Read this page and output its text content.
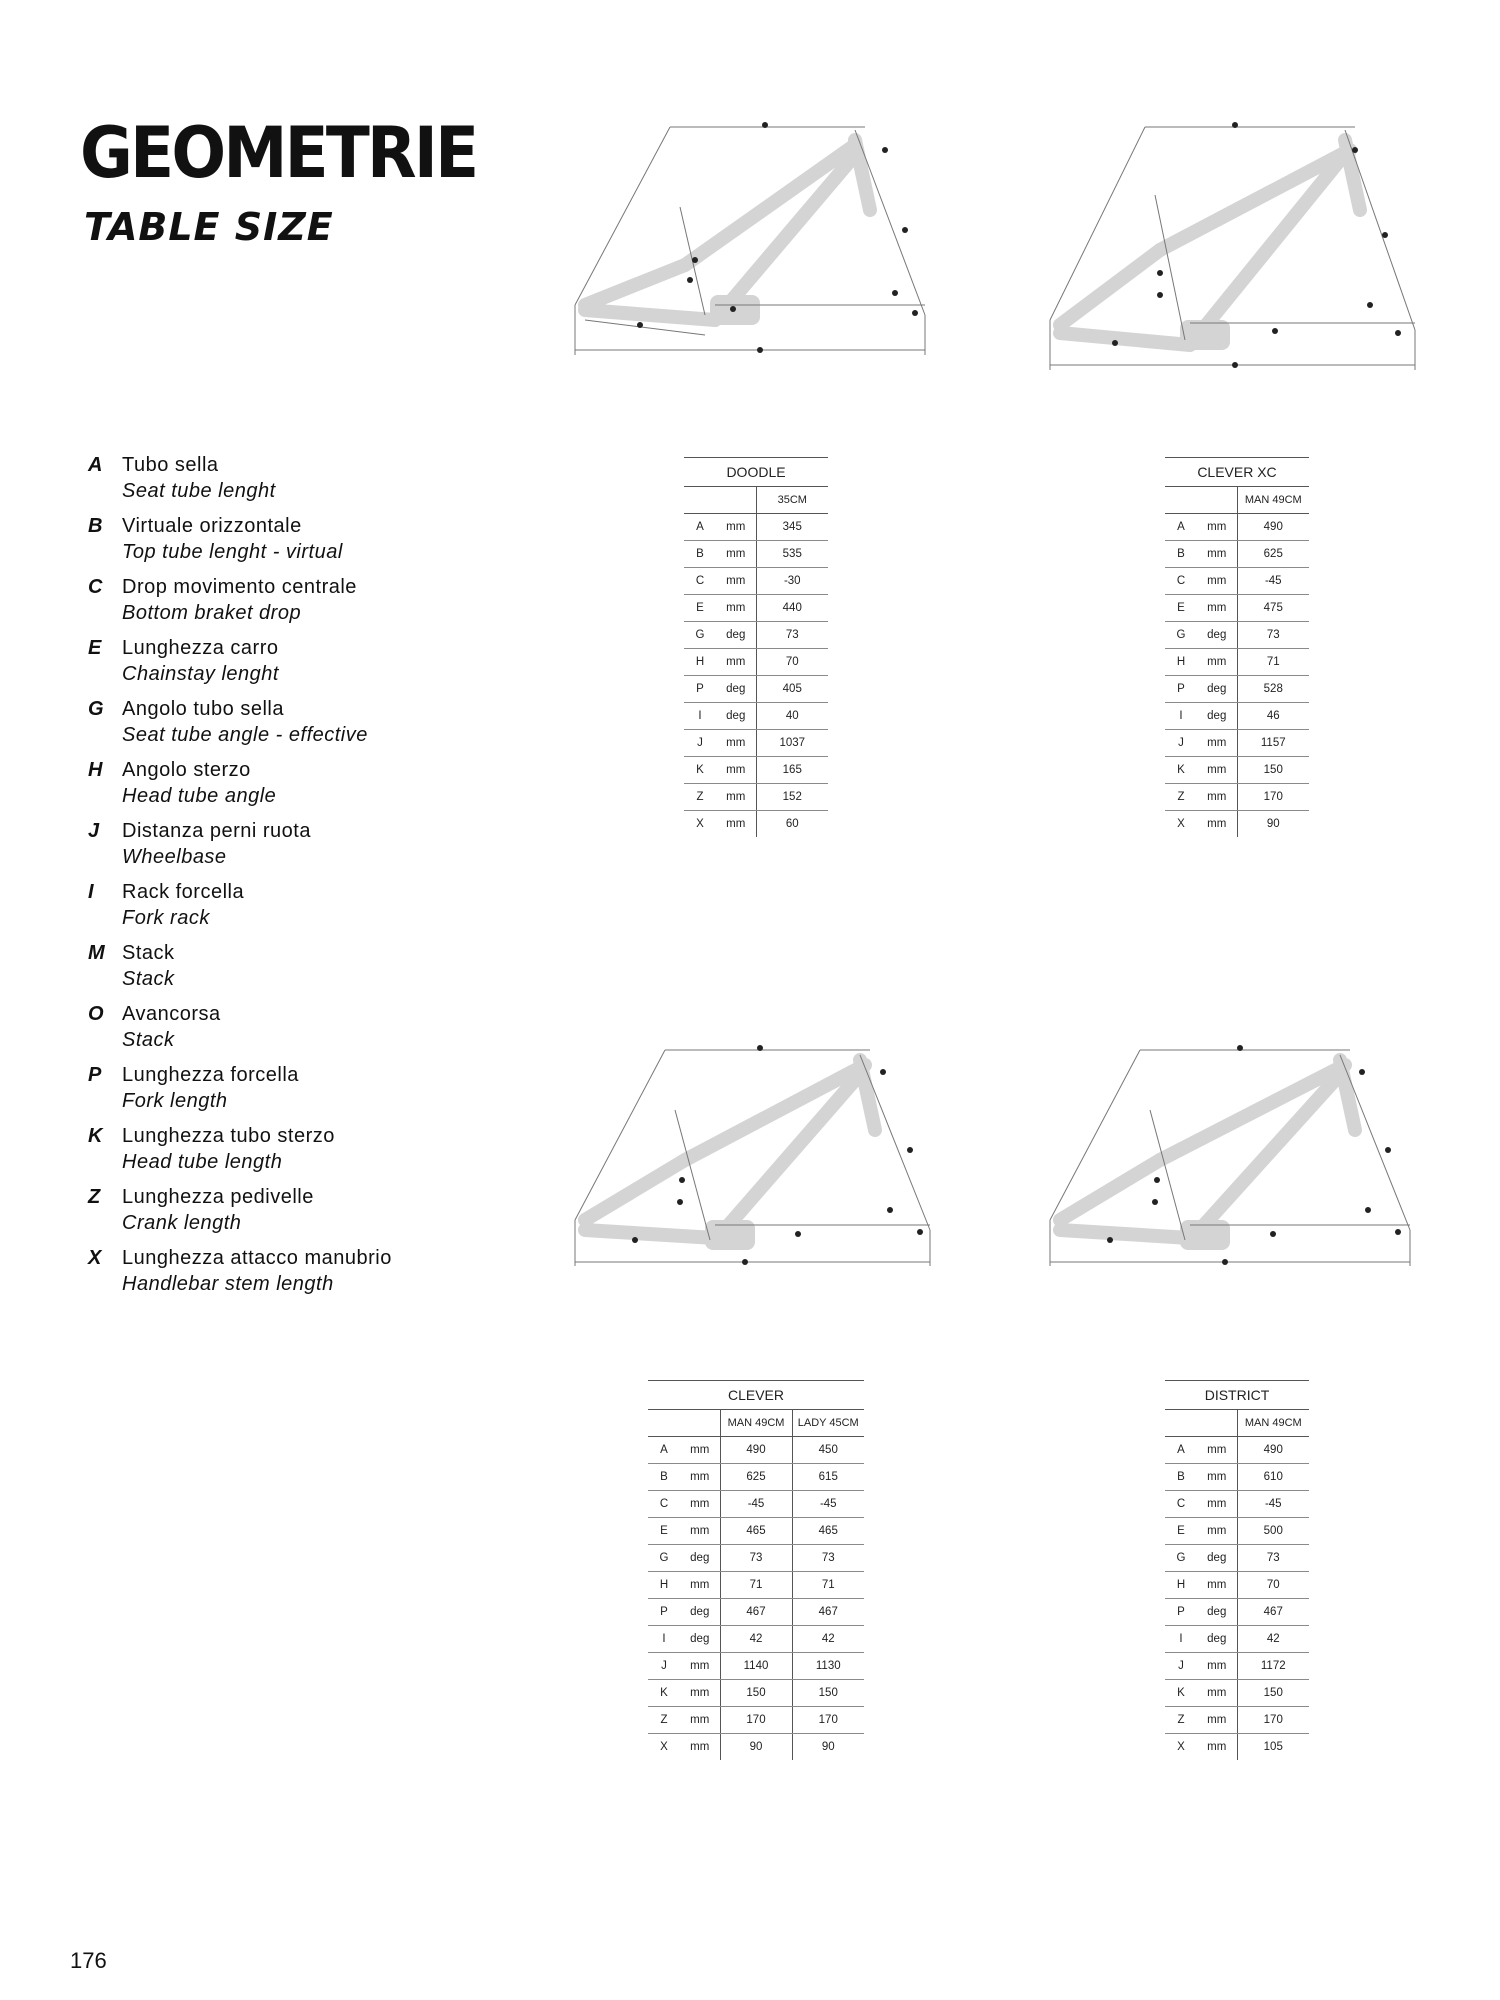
GEOMETRIE
TABLE SIZE
A Tubo sella
Seat tube lenght
B Virtuale orizzontale
Top tube lenght - virtual
C Drop movimento centrale
Bottom braket drop
E Lunghezza carro
Chainstay lenght
G Angolo tubo sella
Seat tube angle - effective
H Angolo sterzo
Head tube angle
J Distanza perni ruota
Wheelbase
I Rack forcella
Fork rack
M Stack
Stack
O Avancorsa
Stack
P Lunghezza forcella
Fork length
K Lunghezza tubo sterzo
Head tube length
Z Lunghezza pedivelle
Crank length
X Lunghezza attacco manubrio
Handlebar stem length
DOODLE		
		35CM
A	mm	345
B	mm	535
C	mm	-30
E	mm	440
G	deg	73
H	mm	70
P	deg	405
I	deg	40
J	mm	1037
K	mm	165
Z	mm	152
X	mm	60
CLEVER XC		
		MAN 49CM
A	mm	490
B	mm	625
C	mm	-45
E	mm	475
G	deg	73
H	mm	71
P	deg	528
I	deg	46
J	mm	1157
K	mm	150
Z	mm	170
X	mm	90
CLEVER			
		MAN 49CM	LADY 45CM
A	mm	490	450
B	mm	625	615
C	mm	-45	-45
E	mm	465	465
G	deg	73	73
H	mm	71	71
P	deg	467	467
I	deg	42	42
J	mm	1140	1130
K	mm	150	150
Z	mm	170	170
X	mm	90	90
DISTRICT		
		MAN 49CM
A	mm	490
B	mm	610
C	mm	-45
E	mm	500
G	deg	73
H	mm	70
P	deg	467
I	deg	42
J	mm	1172
K	mm	150
Z	mm	170
X	mm	105
176
